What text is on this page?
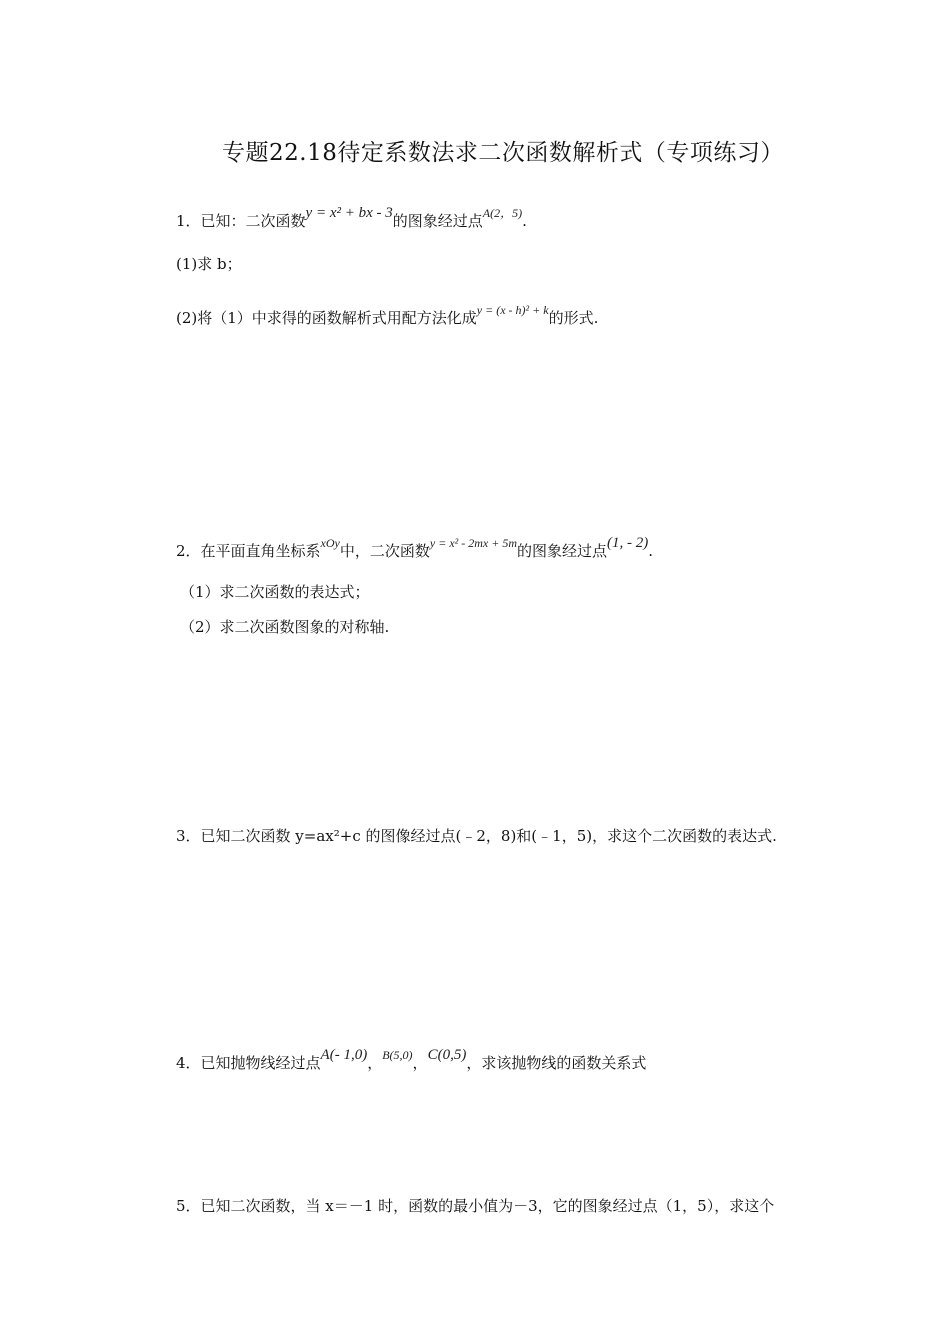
专题22.18待定系数法求二次函数解析式（专项练习）
1．已知：二次函数y = x² + bx - 3的图象经过点$^{A(2,5)}$.
(1)求 b；
(2)将（1）中求得的函数解析式用配方法化成$^{y = (x - h)^2 + k}$的形式.
2．在平面直角坐标系$^{xOy}$中，二次函数$^{y = x^2 - 2mx + 5m}$的图象经过点(1, - 2).
（1）求二次函数的表达式；
（2）求二次函数图象的对称轴.
3．已知二次函数 y=ax²+c 的图像经过点(﹣2，8)和(﹣1，5)，求这个二次函数的表达式.
4．已知抛物线经过点A(- 1,0)，$^{B(5,0)}$，C(0,5)，求该抛物线的函数关系式
5．已知二次函数，当 x＝－1 时，函数的最小值为－3，它的图象经过点（1，5），求这个
